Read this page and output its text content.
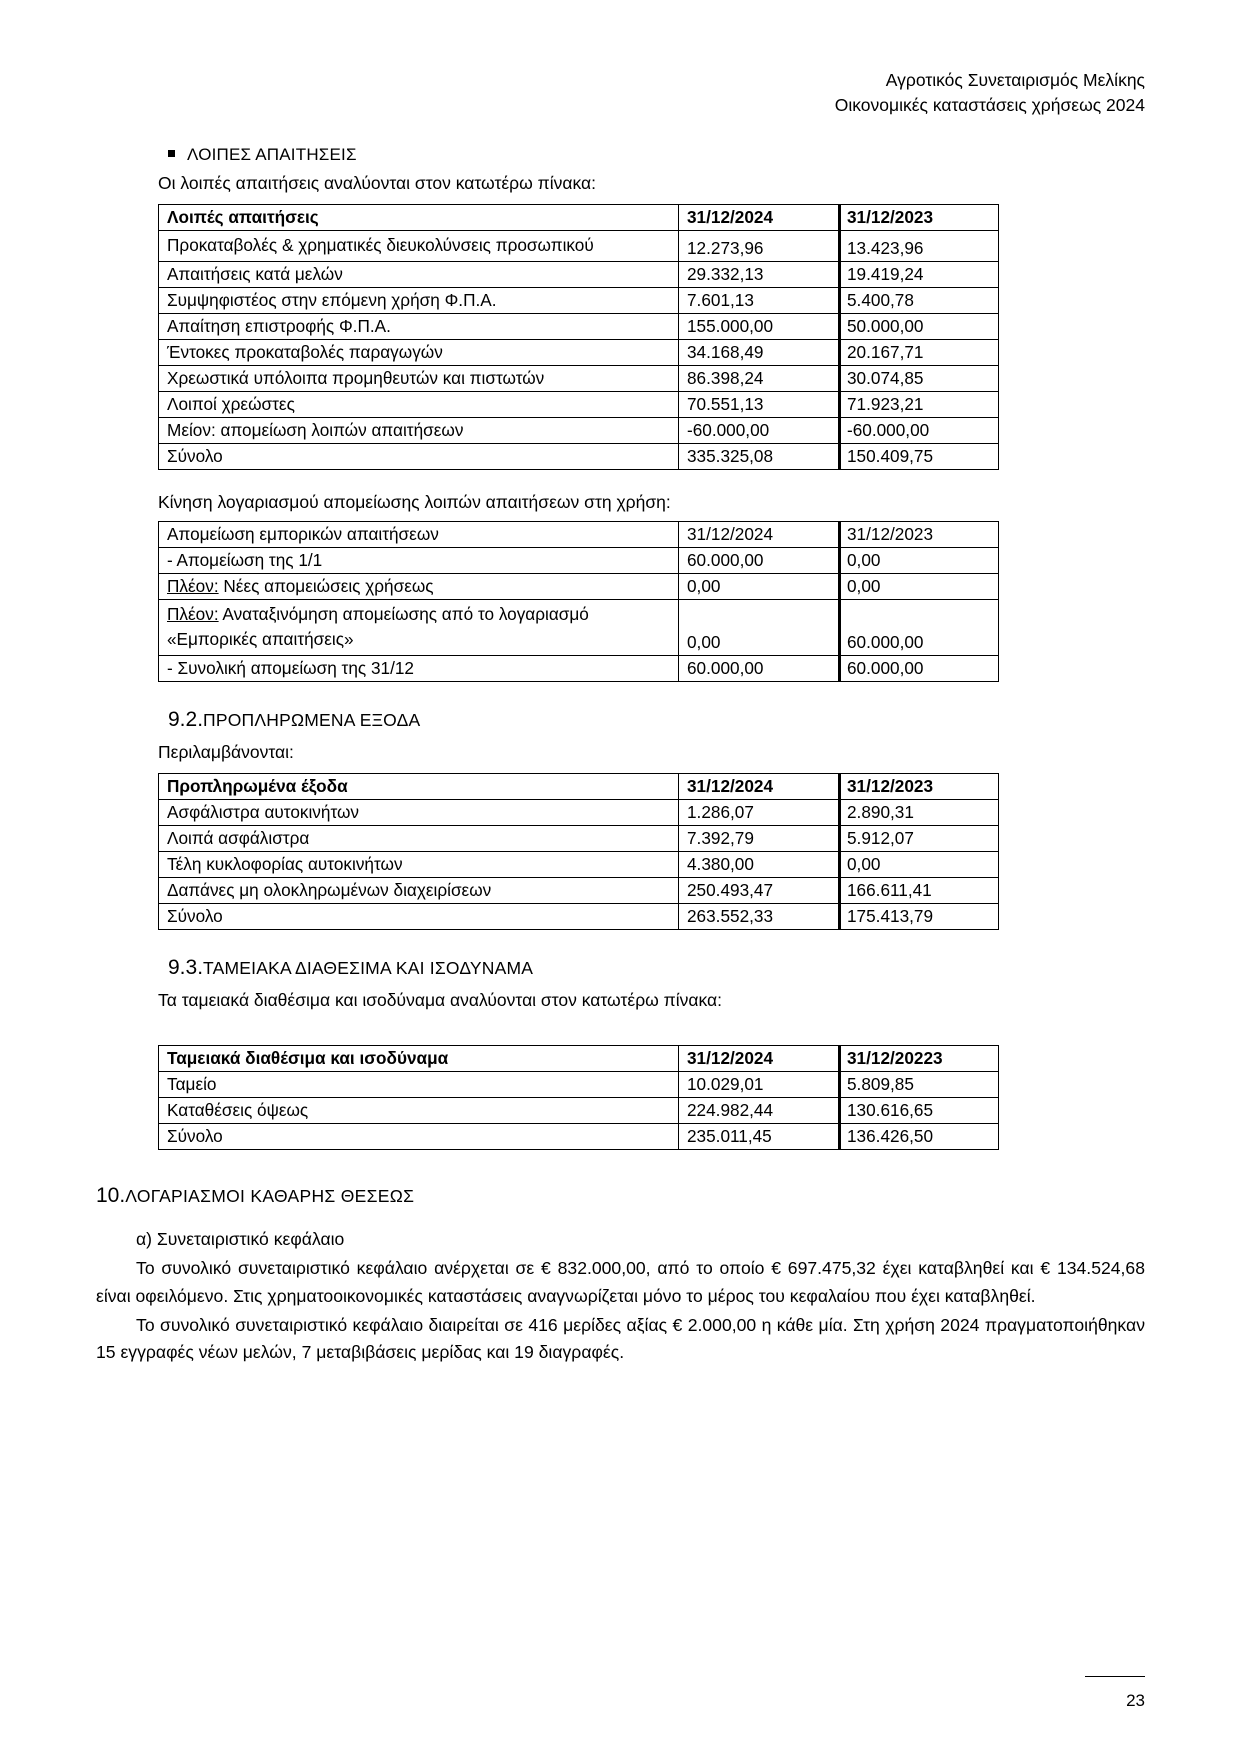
Αγροτικός Συνεταιρισμός Μελίκης
Οικονομικές καταστάσεις χρήσεως 2024
ΛΟΙΠΕΣ ΑΠΑΙΤΗΣΕΙΣ

Οι λοιπές απαιτήσεις αναλύονται στον κατωτέρω πίνακα:

Λοιπές απαιτήσεις	31/12/2024	31/12/2023
Προκαταβολές & χρηματικές διευκολύνσεις προσωπικού	12.273,96	13.423,96
Απαιτήσεις κατά μελών	29.332,13	19.419,24
Συμψηφιστέος στην επόμενη χρήση Φ.Π.Α.	7.601,13	5.400,78
Απαίτηση επιστροφής Φ.Π.Α.	155.000,00	50.000,00
Έντοκες προκαταβολές παραγωγών	34.168,49	20.167,71
Χρεωστικά υπόλοιπα προμηθευτών και πιστωτών	86.398,24	30.074,85
Λοιποί χρεώστες	70.551,13	71.923,21
Μείον: απομείωση λοιπών απαιτήσεων	-60.000,00	-60.000,00
Σύνολο	335.325,08	150.409,75

Κίνηση λογαριασμού απομείωσης λοιπών απαιτήσεων στη χρήση:

Απομείωση εμπορικών απαιτήσεων	31/12/2024	31/12/2023
- Απομείωση της 1/1	60.000,00	0,00
Πλέον: Νέες απομειώσεις χρήσεως	0,00	0,00
Πλέον: Αναταξινόμηση απομείωσης από το λογαριασμό «Εμπορικές απαιτήσεις»	0,00	60.000,00
- Συνολική απομείωση της 31/12	60.000,00	60.000,00
9.2.ΠΡΟΠΛΗΡΩΜΕΝΑ ΕΞΟΔΑ

Περιλαμβάνονται:

Προπληρωμένα έξοδα	31/12/2024	31/12/2023
Ασφάλιστρα αυτοκινήτων	1.286,07	2.890,31
Λοιπά ασφάλιστρα	7.392,79	5.912,07
Τέλη κυκλοφορίας αυτοκινήτων	4.380,00	0,00
Δαπάνες μη ολοκληρωμένων διαχειρίσεων	250.493,47	166.611,41
Σύνολο	263.552,33	175.413,79
9.3.ΤΑΜΕΙΑΚΑ ΔΙΑΘΕΣΙΜΑ ΚΑΙ ΙΣΟΔΥΝΑΜΑ

Τα ταμειακά διαθέσιμα και ισοδύναμα αναλύονται στον κατωτέρω πίνακα:

Ταμειακά διαθέσιμα και ισοδύναμα	31/12/2024	31/12/20223
Ταμείο	10.029,01	5.809,85
Καταθέσεις όψεως	224.982,44	130.616,65
Σύνολο	235.011,45	136.426,50
10.ΛΟΓΑΡΙΑΣΜΟΙ ΚΑΘΑΡΗΣ ΘΕΣΕΩΣ

α) Συνεταιριστικό κεφάλαιο

Το συνολικό συνεταιριστικό κεφάλαιο ανέρχεται σε € 832.000,00, από το οποίο € 697.475,32 έχει καταβληθεί και € 134.524,68 είναι οφειλόμενο. Στις χρηματοοικονομικές καταστάσεις αναγνωρίζεται μόνο το μέρος του κεφαλαίου που έχει καταβληθεί.

Το συνολικό συνεταιριστικό κεφάλαιο διαιρείται σε 416 μερίδες αξίας € 2.000,00 η κάθε μία. Στη χρήση 2024 πραγματοποιήθηκαν 15 εγγραφές νέων μελών, 7 μεταβιβάσεις μερίδας και 19 διαγραφές.

23
